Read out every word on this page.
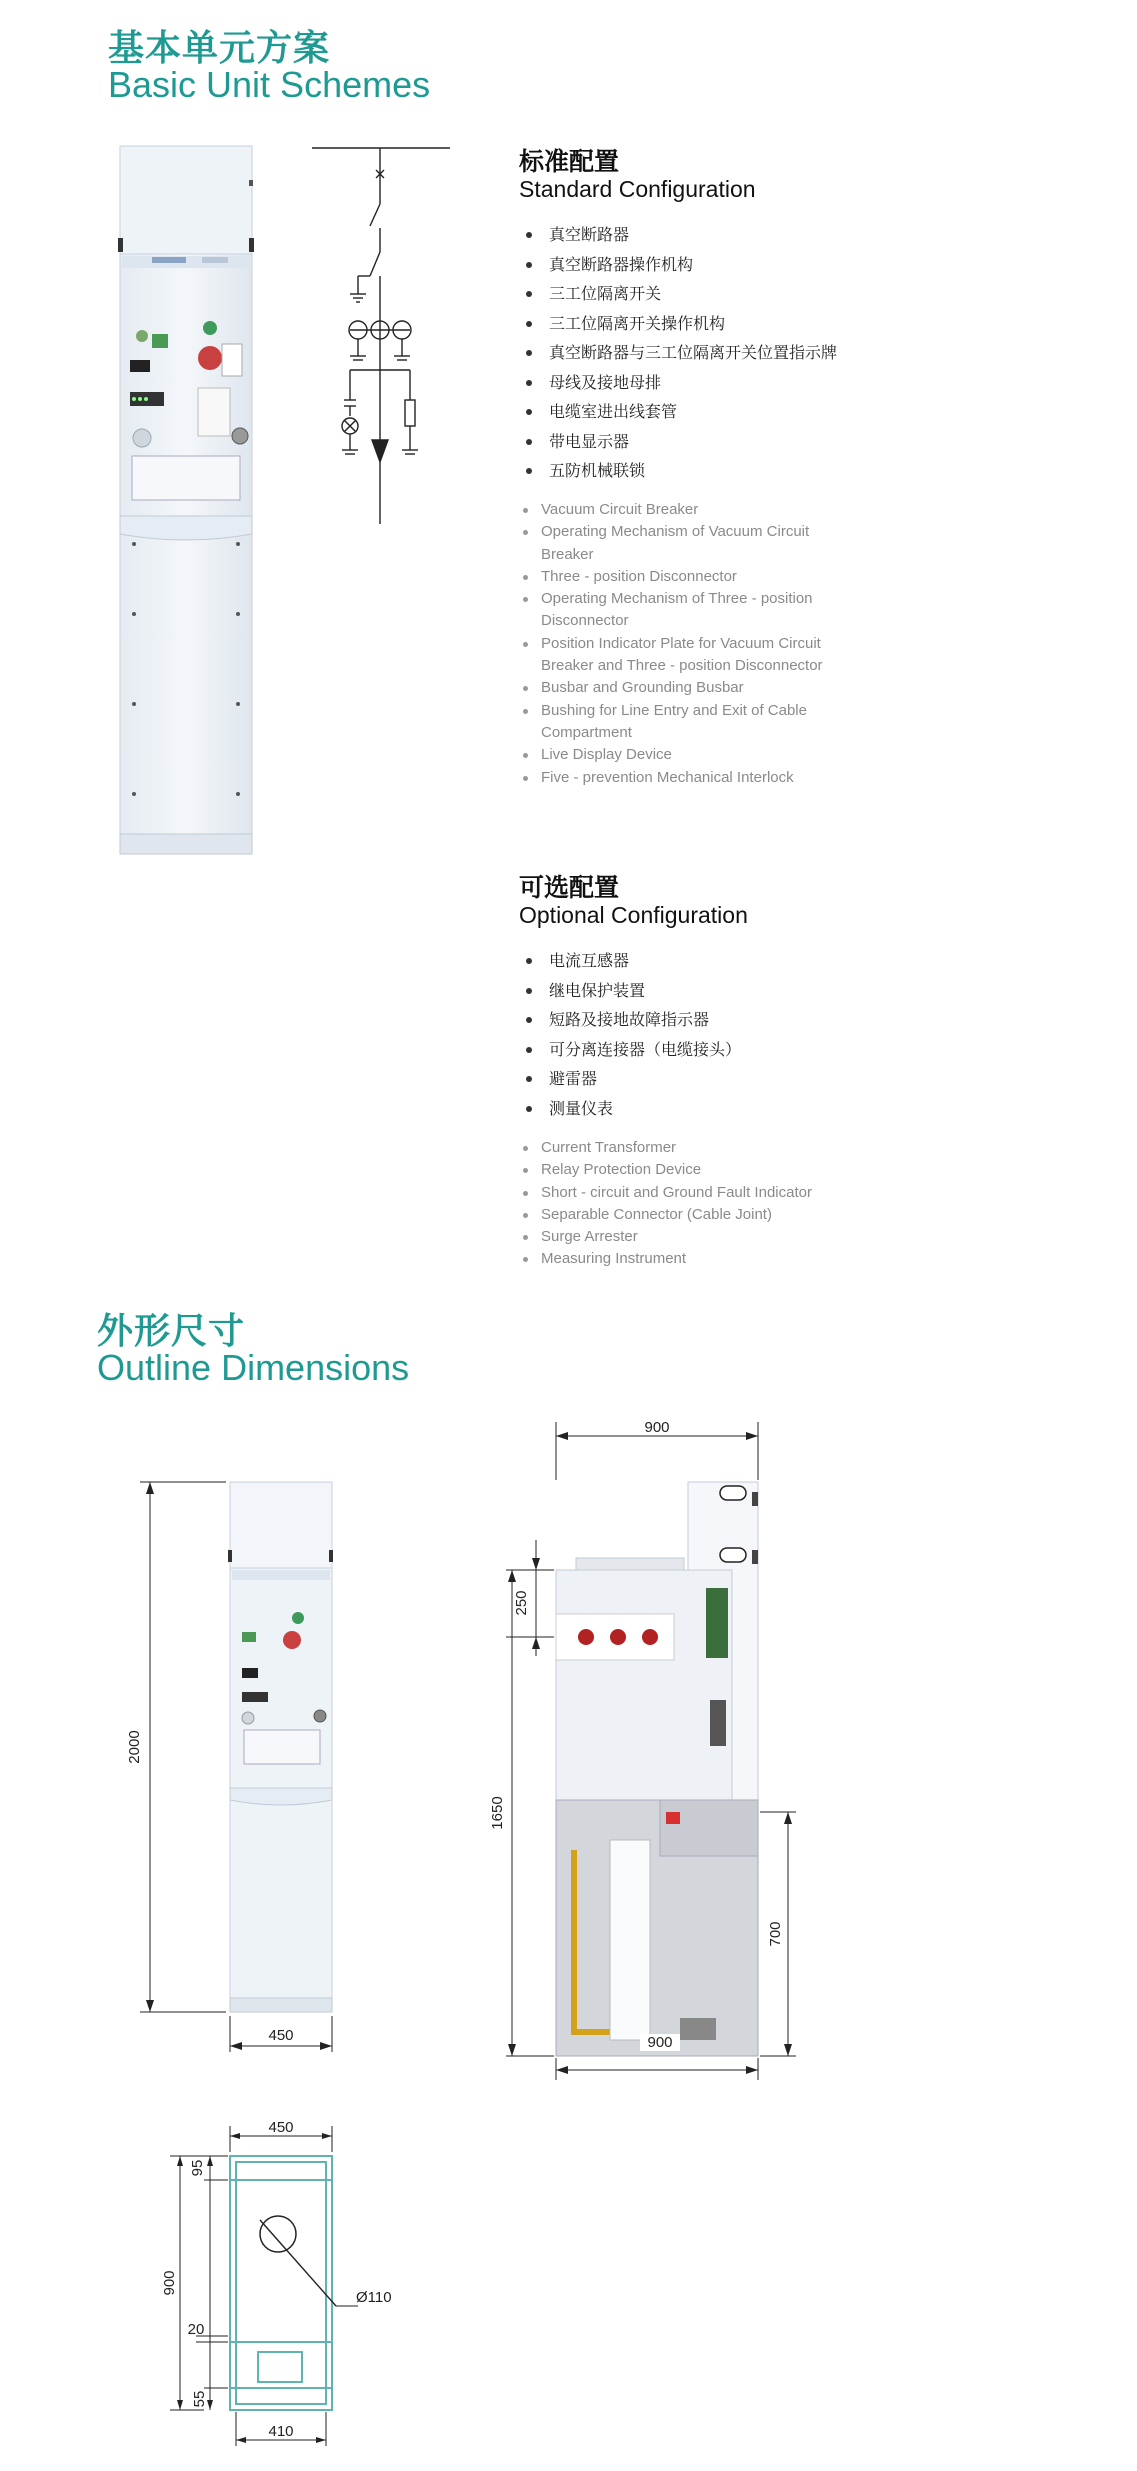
基本单元方案
Basic Unit Schemes
标准配置
Standard Configuration
真空断路器
真空断路器操作机构
三工位隔离开关
三工位隔离开关操作机构
真空断路器与三工位隔离开关位置指示牌
母线及接地母排
电缆室进出线套管
带电显示器
五防机械联锁
Vacuum Circuit Breaker
Operating Mechanism of Vacuum Circuit
Breaker
Three - position Disconnector
Operating Mechanism of Three - position
Disconnector
Position Indicator Plate for Vacuum Circuit
Breaker and Three - position Disconnector
Busbar and Grounding Busbar
Bushing for Line Entry and Exit of Cable
Compartment
Live Display Device
Five - prevention Mechanical Interlock
可选配置
Optional Configuration
电流互感器
继电保护装置
短路及接地故障指示器
可分离连接器（电缆接头）
避雷器
测量仪表
Current Transformer
Relay Protection Device
Short - circuit and Ground Fault Indicator
Separable Connector (Cable Joint)
Surge Arrester
Measuring Instrument
外形尺寸
Outline Dimensions
2000
450
900
1650
250
700
900
450
Ø110
95
900
20
55
410
